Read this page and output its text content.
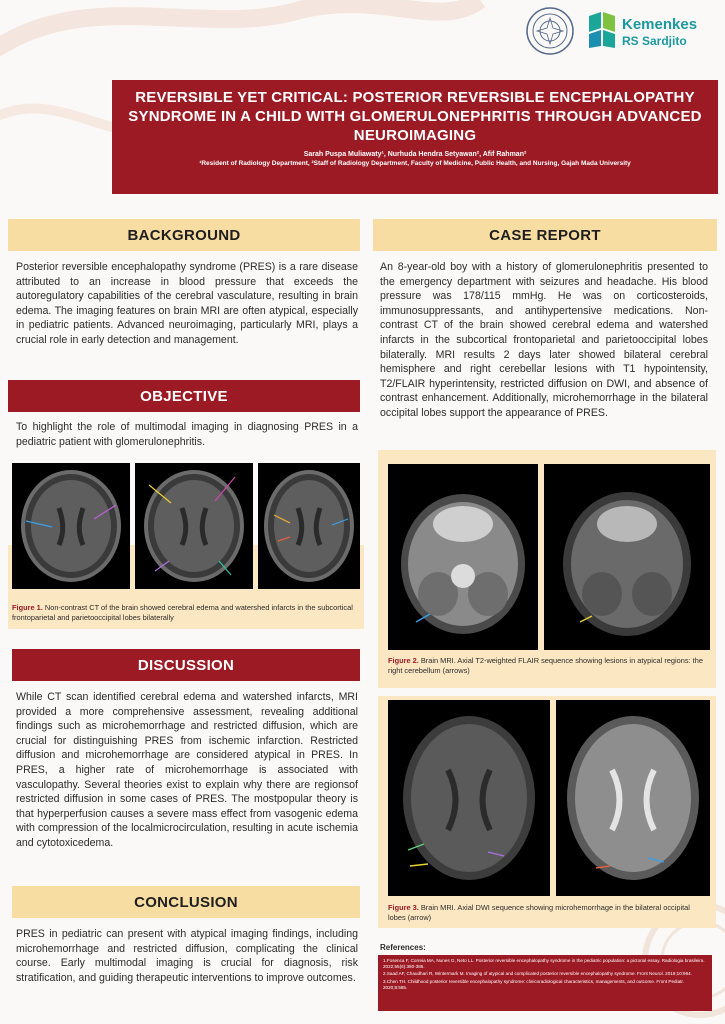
Kemenkes
RS Sardjito
REVERSIBLE YET CRITICAL: POSTERIOR REVERSIBLE ENCEPHALOPATHY SYNDROME IN A CHILD WITH GLOMERULONEPHRITIS THROUGH ADVANCED NEUROIMAGING
Sarah Puspa Muliawaty¹, Nurhuda Hendra Setyawan², Afif Rahman²
¹Resident of Radiology Department, ²Staff of Radiology Department, Faculty of Medicine, Public Health, and Nursing, Gajah Mada University
BACKGROUND
Posterior reversible encephalopathy syndrome (PRES) is a rare disease attributed to an increase in blood pressure that exceeds the autoregulatory capabilities of the cerebral vasculature, resulting in brain edema. The imaging features on brain MRI are often atypical, especially in pediatric patients. Advanced neuroimaging, particularly MRI, plays a crucial role in early detection and management.
OBJECTIVE
To highlight the role of multimodal imaging in diagnosing PRES in a pediatric patient with glomerulonephritis.
CASE REPORT
An 8-year-old boy with a history of glomerulonephritis presented to the emergency department with seizures and headache. His blood pressure was 178/115 mmHg. He was on corticosteroids, immunosuppressants, and antihypertensive medications. Non-contrast CT of the brain showed cerebral edema and watershed infarcts in the subcortical frontoparietal and parietooccipital lobes bilaterally. MRI results 2 days later showed bilateral cerebral hemisphere and right cerebellar lesions with T1 hypointensity, T2/FLAIR hyperintensity, restricted diffusion on DWI, and absence of contrast enhancement. Additionally, microhemorrhage in the bilateral occipital lobes support the appearance of PRES.
Figure 1. Non-contrast CT of the brain showed cerebral edema and watershed infarcts in the subcortical frontoparietal and parietooccipital lobes bilaterally
Figure 2. Brain MRI. Axial T2-weighted FLAIR sequence showing lesions in atypical regions: the right cerebellum (arrows)
Figure 3. Brain MRI. Axial DWI sequence showing microhemorrhage in the bilateral occipital lobes (arrow)
DISCUSSION
While CT scan identified cerebral edema and watershed infarcts, MRI provided a more comprehensive assessment, revealing additional findings such as microhemorrhage and restricted diffusion, which are crucial for distinguishing PRES from ischemic infarction. Restricted diffusion and microhemorrhage are considered atypical in PRES. In PRES, a higher rate of microhemorrhage is associated with vasculopathy. Several theories exist to explain why there are regionsof restricted diffusion in some cases of PRES. The mostpopular theory is that hyperperfusion causes a severe mass effect from vasogenic edema with compression of the localmicrocirculation, resulting in acute ischemia and cytotoxicedema.
CONCLUSION
PRES in pediatric can present with atypical imaging findings, including microhemorrhage and restricted diffusion, complicating the clinical course. Early multimodal imaging is crucial for diagnosis, risk stratification, and guiding therapeutic interventions to improve outcomes.
References:
1.Fosenca F, Correia MA, Nunes G, Neto LL. Posterior reversible encephalopathy syndrome in the pediatric population: a pictorial essay. Radiologia brasileira. 2022;55(6):380-385.
2.Saad AF, Chaudhari R, Wintermark M. Imaging of atypical and complicated posterior reversible encephalopathy syndrome. Front Neurol. 2019;10:964.
3.Chen TH. Childhood posterior reversible encephalopathy syndrome: clinicoradiological characteristics, managements, and outcome. Front Pediatr. 2020;8:585.
